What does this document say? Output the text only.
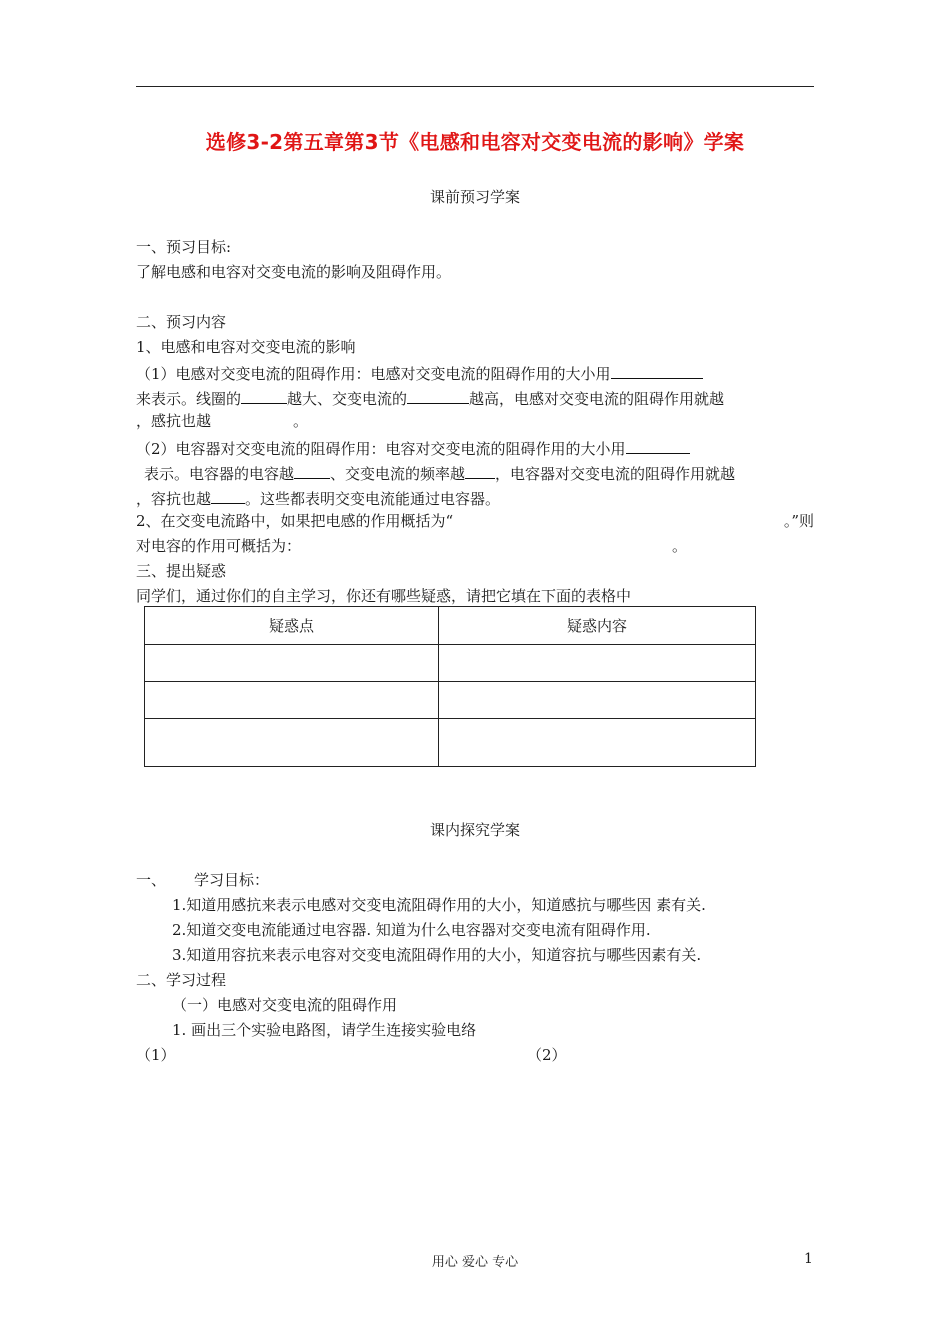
选修3-2第五章第3节《电感和电容对交变电流的影响》学案
课前预习学案
一、预习目标:
了解电感和电容对交变电流的影响及阻碍作用。
二、预习内容
1、电感和电容对交变电流的影响
（1）电感对交变电流的阻碍作用：电感对交变电流的阻碍作用的大小用
来表示。线圈的	越大、交变电流的	越高，电感对交变电流的阻碍作用就越
，感抗也越	。
（2）电容器对交变电流的阻碍作用：电容对交变电流的阻碍作用的大小用
表示。电容器的电容越 、交变电流的频率越 ，电容器对交变电流的阻碍作用就越
，容抗也越 。这些都表明交变电流能通过电容器。
2、在交变电流路中，如果把电感的作用概括为“	。”则
对电容的作用可概括为：	。
三、提出疑惑
同学们，通过你们的自主学习，你还有哪些疑惑，请把它填在下面的表格中
疑惑点	疑惑内容

课内探究学案
一、 学习目标：
1.知道用感抗来表示电感对交变电流阻碍作用的大小，知道感抗与哪些因 素有关.
2.知道交变电流能通过电容器. 知道为什么电容器对交变电流有阻碍作用.
3.知道用容抗来表示电容对交变电流阻碍作用的大小，知道容抗与哪些因素有关.
二、学习过程
（一）电感对交变电流的阻碍作用
1. 画出三个实验电路图，请学生连接实验电络
（1）	（2）
用心 爱心 专心	1
